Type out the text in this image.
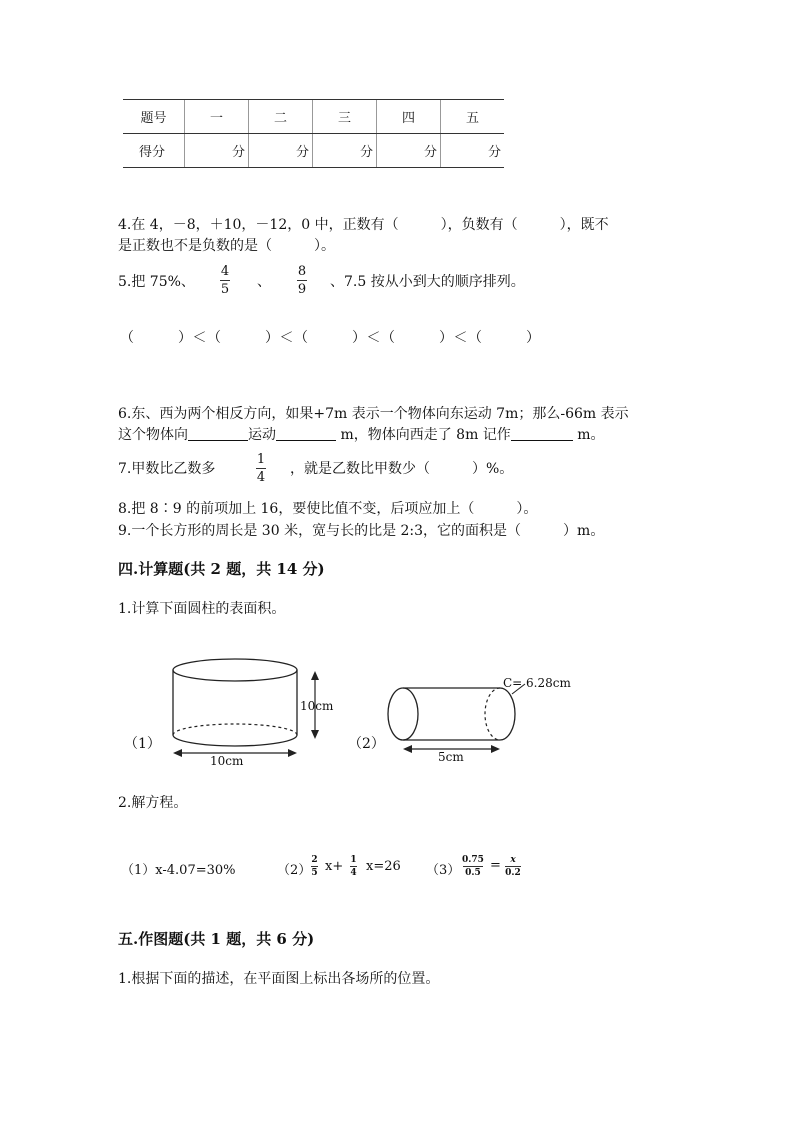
题号	一	二	三	四	五
得分	分	分	分	分	分
4.在 4，－8，＋10，－12，0 中，正数有（　　　），负数有（　　　），既不
是正数也不是负数的是（　　　）。
5.把 75%、
4
5 、
8
9 、7.5 按从小到大的顺序排列。
（　　　）＜（　　　）＜（　　　）＜（　　　）＜（　　　）
6.东、西为两个相反方向，如果+7m 表示一个物体向东运动 7m；那么-66m 表示
这个物体向	运动	m，物体向西走了 8m 记作	m。
7.甲数比乙数多
1
4
，就是乙数比甲数少（　　　）%。
8.把 8∶9 的前项加上 16，要使比值不变，后项应加上（　　　）。
9.一个长方形的周长是 30 米，宽与长的比是 2:3，它的面积是（　　　）m。
四.计算题(共 2 题，共 14 分)
1.计算下面圆柱的表面积。
（1）
10cm
10cm
（2）
C= 6.28cm
5cm
2.解方程。
（1）x-4.07=30%	（2）
2
5 x+ 1
4 x=26 （3）
0.75
0.5 = x
0.2
五.作图题(共 1 题，共 6 分)
1.根据下面的描述，在平面图上标出各场所的位置。
